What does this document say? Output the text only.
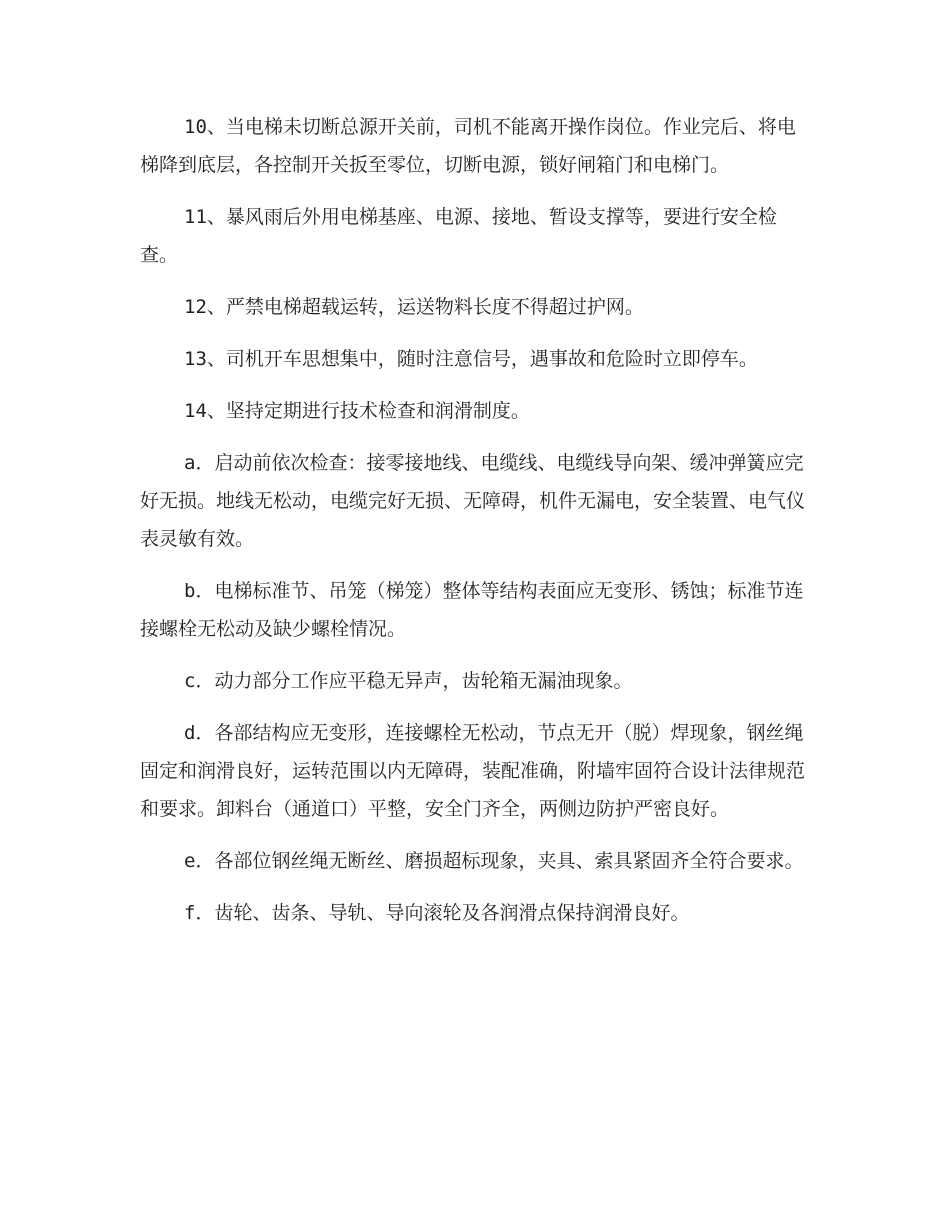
10、当电梯未切断总源开关前，司机不能离开操作岗位。作业完后、将电梯降到底层，各控制开关扳至零位，切断电源，锁好闸箱门和电梯门。

11、暴风雨后外用电梯基座、电源、接地、暂设支撑等，要进行安全检查。

12、严禁电梯超载运转，运送物料长度不得超过护网。

13、司机开车思想集中，随时注意信号，遇事故和危险时立即停车。

14、坚持定期进行技术检查和润滑制度。

a．启动前依次检查：接零接地线、电缆线、电缆线导向架、缓冲弹簧应完好无损。地线无松动，电缆完好无损、无障碍，机件无漏电，安全装置、电气仪表灵敏有效。

b．电梯标准节、吊笼（梯笼）整体等结构表面应无变形、锈蚀；标准节连接螺栓无松动及缺少螺栓情况。

c．动力部分工作应平稳无异声，齿轮箱无漏油现象。

d．各部结构应无变形，连接螺栓无松动，节点无开（脱）焊现象，钢丝绳固定和润滑良好，运转范围以内无障碍，装配准确，附墙牢固符合设计法律规范和要求。卸料台（通道口）平整，安全门齐全，两侧边防护严密良好。

e．各部位钢丝绳无断丝、磨损超标现象，夹具、索具紧固齐全符合要求。

f．齿轮、齿条、导轨、导向滚轮及各润滑点保持润滑良好。
